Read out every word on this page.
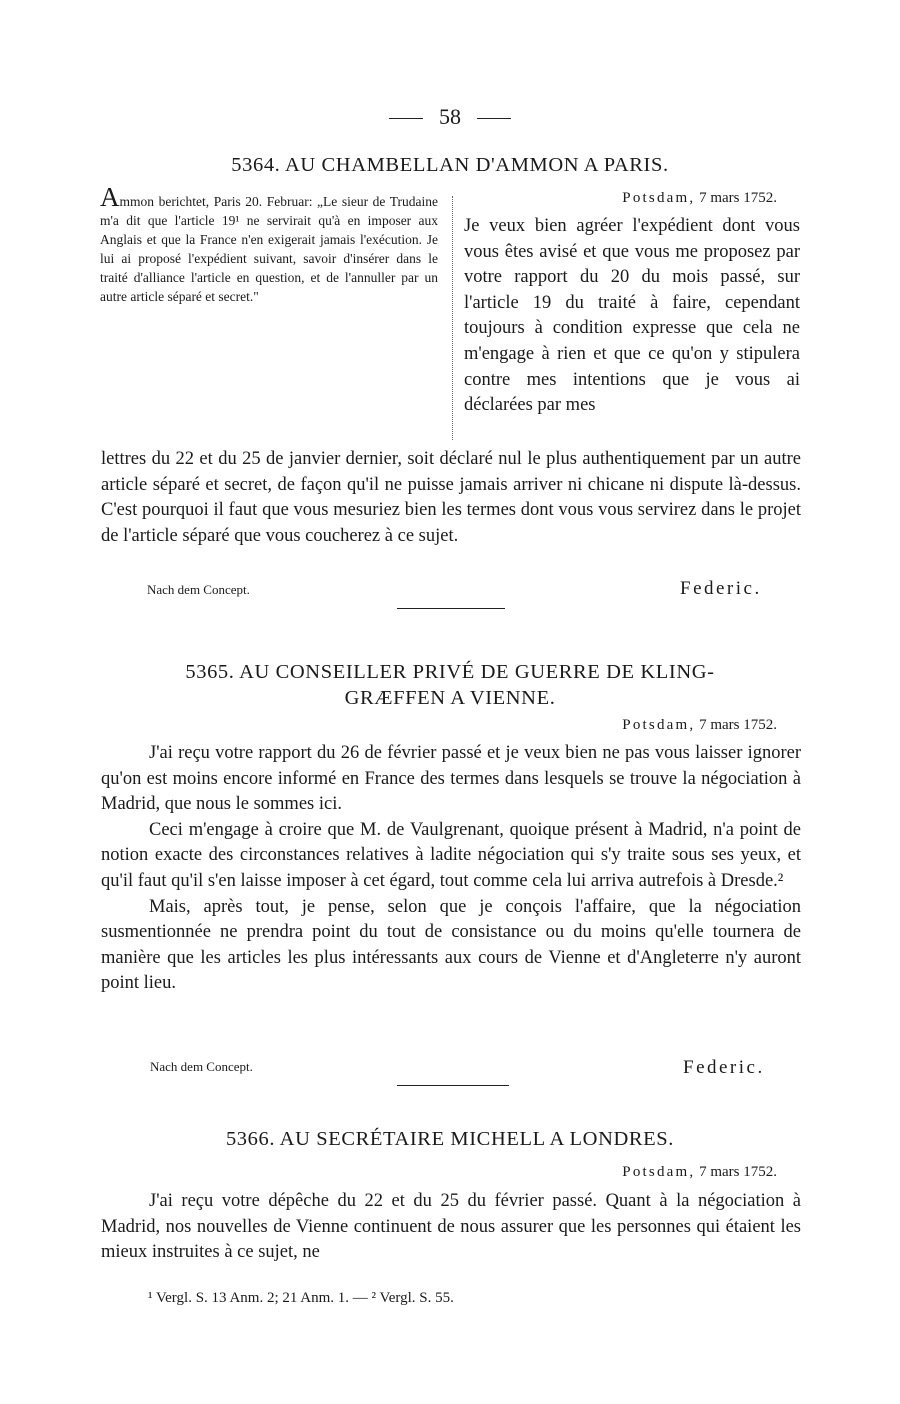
58
5364. AU CHAMBELLAN D'AMMON A PARIS.
Ammon berichtet, Paris 20. Februar: „Le sieur de Trudaine m'a dit que l'article 19¹ ne servirait qu'à en imposer aux Anglais et que la France n'en exigerait jamais l'exécution. Je lui ai proposé l'expédient suivant, savoir d'insérer dans le traité d'alliance l'article en question, et de l'annuller par un autre article séparé et secret."
Potsdam, 7 mars 1752.
Je veux bien agréer l'expédient dont vous vous êtes avisé et que vous me proposez par votre rapport du 20 du mois passé, sur l'article 19 du traité à faire, cependant toujours à condition expresse que cela ne m'engage à rien et que ce qu'on y stipulera contre mes intentions que je vous ai déclarées par mes
lettres du 22 et du 25 de janvier dernier, soit déclaré nul le plus authentiquement par un autre article séparé et secret, de façon qu'il ne puisse jamais arriver ni chicane ni dispute là-dessus. C'est pourquoi il faut que vous mesuriez bien les termes dont vous vous servirez dans le projet de l'article séparé que vous coucherez à ce sujet.
Nach dem Concept.	Federic.
5365. AU CONSEILLER PRIVÉ DE GUERRE DE KLING-
GRÆFFEN A VIENNE.
Potsdam, 7 mars 1752.

J'ai reçu votre rapport du 26 de février passé et je veux bien ne pas vous laisser ignorer qu'on est moins encore informé en France des termes dans lesquels se trouve la négociation à Madrid, que nous le sommes ici.

Ceci m'engage à croire que M. de Vaulgrenant, quoique présent à Madrid, n'a point de notion exacte des circonstances relatives à ladite négociation qui s'y traite sous ses yeux, et qu'il faut qu'il s'en laisse imposer à cet égard, tout comme cela lui arriva autrefois à Dresde.²

Mais, après tout, je pense, selon que je conçois l'affaire, que la négociation susmentionnée ne prendra point du tout de consistance ou du moins qu'elle tournera de manière que les articles les plus intéressants aux cours de Vienne et d'Angleterre n'y auront point lieu.

Nach dem Concept.	Federic.
5366. AU SECRÉTAIRE MICHELL A LONDRES.
Potsdam, 7 mars 1752.

J'ai reçu votre dépêche du 22 et du 25 du février passé. Quant à la négociation à Madrid, nos nouvelles de Vienne continuent de nous assurer que les personnes qui étaient les mieux instruites à ce sujet, ne

¹ Vergl. S. 13 Anm. 2; 21 Anm. 1. — ² Vergl. S. 55.
